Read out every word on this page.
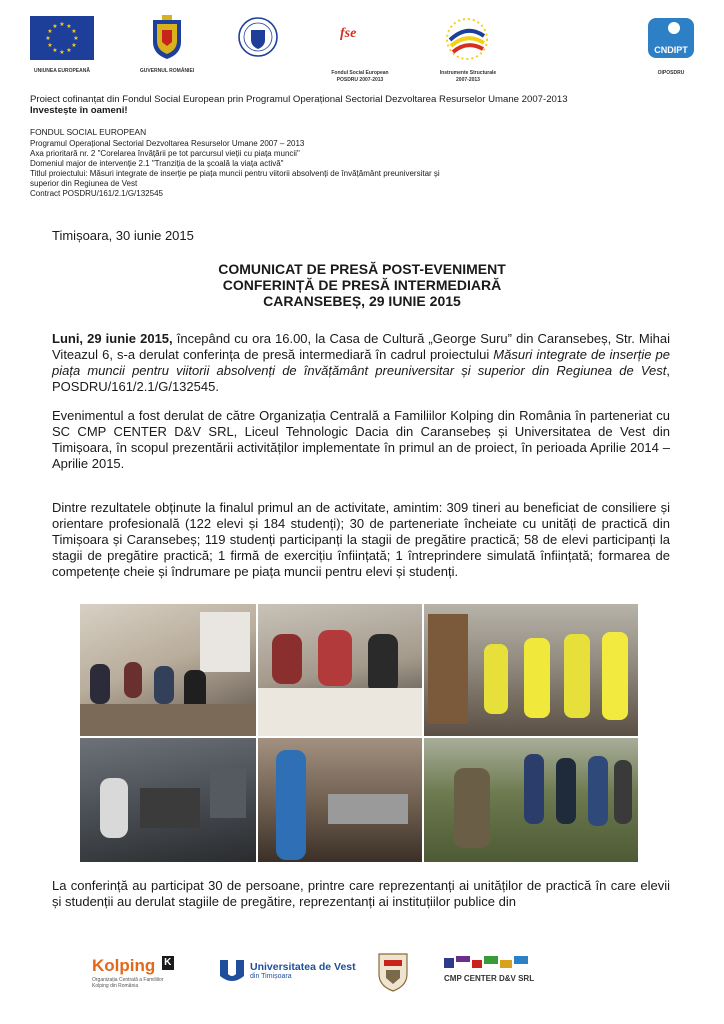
★ ★
★
★
★
★
★
★
★
★
★
★
UNIUNEA EUROPEANĂ	GUVERNUL ROMÂNIEI
fse
Fondul Social European
POSDRU 2007-2013
Instrumente Structurale
2007-2013
CNDIPT
OIPOSDRU
Proiect cofinanțat din Fondul Social European prin Programul Operațional Sectorial Dezvoltarea Resurselor Umane 2007-2013
Investește în oameni!
FONDUL SOCIAL EUROPEAN
Programul Operațional Sectorial Dezvoltarea Resurselor Umane 2007 – 2013
Axa prioritară nr. 2 "Corelarea învățării pe tot parcursul vieții cu piața muncii"
Domeniul major de intervenție 2.1 "Tranziția de la școală la viața activă"
Titlul proiectului: Măsuri integrate de inserție pe piața muncii pentru viitorii absolvenți de învățământ preuniversitar și
superior din Regiunea de Vest
Contract POSDRU/161/2.1/G/132545
Timișoara, 30 iunie 2015
COMUNICAT DE PRESĂ POST-EVENIMENT
CONFERINȚĂ DE PRESĂ INTERMEDIARĂ
CARANSEBEȘ, 29 IUNIE 2015
Luni, 29 iunie 2015, începând cu ora 16.00, la Casa de Cultură „George Suru” din Caransebeș, Str. Mihai Viteazul 6, s-a derulat conferința de presă intermediară în cadrul proiectului Măsuri integrate de inserție pe piața muncii pentru viitorii absolvenți de învățământ preuniversitar și superior din Regiunea de Vest, POSDRU/161/2.1/G/132545.
Evenimentul a fost derulat de către Organizația Centrală a Familiilor Kolping din România în parteneriat cu SC CMP CENTER D&V SRL, Liceul Tehnologic Dacia din Caransebeș și Universitatea de Vest din Timișoara, în scopul prezentării activităților implementate în primul an de proiect, în perioada Aprilie 2014 – Aprilie 2015.
Dintre rezultatele obținute la finalul primul an de activitate, amintim: 309 tineri au beneficiat de consiliere și orientare profesională (122 elevi și 184 studenți); 30 de parteneriate încheiate cu unități de practică din Timișoara și Caransebeș; 119 studenți participanți la stagii de pregătire practică; 58 de elevi participanți la stagii de pregătire practică; 1 firmă de exercițiu înființată; 1 întreprindere simulată înființată; formarea de competențe cheie și îndrumare pe piața muncii pentru elevi și studenți.
La conferință au participat 30 de persoane, printre care reprezentanți ai unităților de practică în care elevii și studenții au derulat stagiile de pregătire, reprezentanți ai instituțiilor publice din
Kolping K
Organizația Centrală a Familiilor
Kolping din România
Universitatea de Vest
din Timișoara	CMP CENTER D&V SRL
